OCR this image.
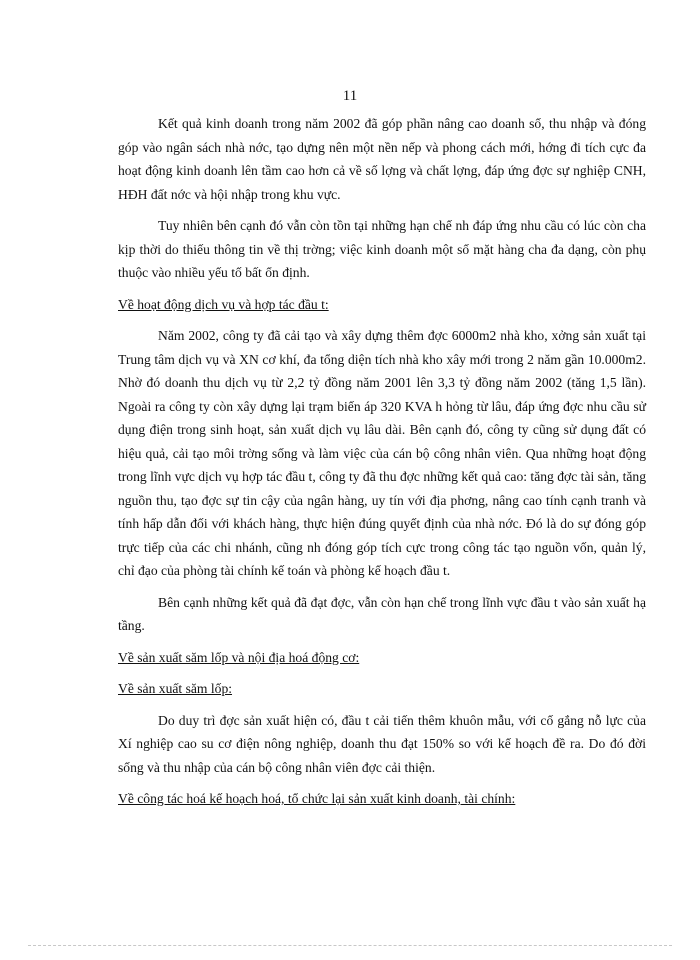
11

Kết quả kinh doanh trong năm 2002 đã góp phần nâng cao doanh số, thu nhập và đóng góp vào ngân sách nhà nớc, tạo dựng nên một nền nếp và phong cách mới, hớng đi tích cực đa hoạt động kinh doanh lên tầm cao hơn cả về số lợng và chất lợng, đáp ứng đợc sự nghiệp CNH, HĐH đất nớc và hội nhập trong khu vực.

Tuy nhiên bên cạnh đó vẫn còn tồn tại những hạn chế nh đáp ứng nhu cầu có lúc còn cha kịp thời do thiếu thông tin về thị trờng; việc kinh doanh một số mặt hàng cha đa dạng, còn phụ thuộc vào nhiều yếu tố bất ổn định.

Về hoạt động dịch vụ và hợp tác đầu t:

Năm 2002, công ty đã cải tạo và xây dựng thêm đợc 6000m2 nhà kho, xởng sản xuất tại Trung tâm dịch vụ và XN cơ khí, đa tổng diện tích nhà kho xây mới trong 2 năm gần 10.000m2. Nhờ đó doanh thu dịch vụ từ 2,2 tỷ đồng năm 2001 lên 3,3 tỷ đồng năm 2002 (tăng 1,5 lần). Ngoài ra công ty còn xây dựng lại trạm biến áp 320 KVA h hỏng từ lâu, đáp ứng đợc nhu cầu sử dụng điện trong sinh hoạt, sản xuất dịch vụ lâu dài. Bên cạnh đó, công ty cũng sử dụng đất có hiệu quả, cải tạo môi trờng sống và làm việc của cán bộ công nhân viên. Qua những hoạt động trong lĩnh vực dịch vụ hợp tác đầu t, công ty đã thu đợc những kết quả cao: tăng đợc tài sản, tăng nguồn thu, tạo đợc sự tin cậy của ngân hàng, uy tín với địa phơng, nâng cao tính cạnh tranh và tính hấp dẫn đối với khách hàng, thực hiện đúng quyết định của nhà nớc. Đó là do sự đóng góp trực tiếp của các chi nhánh, cũng nh đóng góp tích cực trong công tác tạo nguồn vốn, quản lý, chỉ đạo của phòng tài chính kế toán và phòng kế hoạch đầu t.

Bên cạnh những kết quả đã đạt đợc, vẫn còn hạn chế trong lĩnh vực đầu t vào sản xuất hạ tầng.

Về sản xuất săm lốp và nội địa hoá động cơ:

Về sản xuất săm lốp:

Do duy trì đợc sản xuất hiện có, đầu t cải tiến thêm khuôn mẫu, với cố gắng nỗ lực của Xí nghiệp cao su cơ điện nông nghiệp, doanh thu đạt 150% so với kế hoạch đề ra. Do đó đời sống và thu nhập của cán bộ công nhân viên đợc cải thiện.

Về công tác hoá kế hoạch hoá, tổ chức lại sản xuất kinh doanh, tài chính:
